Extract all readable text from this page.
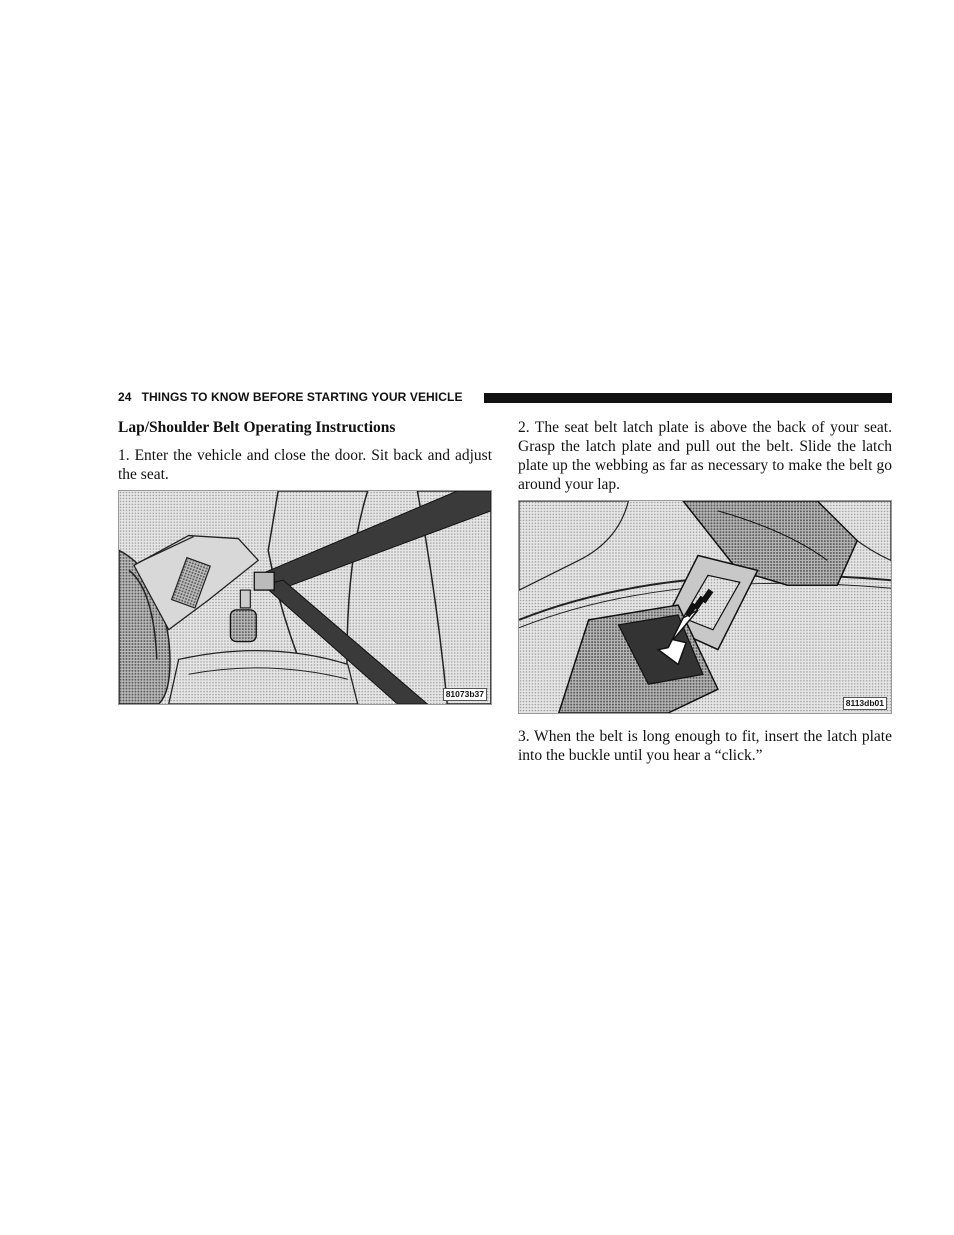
24 THINGS TO KNOW BEFORE STARTING YOUR VEHICLE
Lap/Shoulder Belt Operating Instructions

1. Enter the vehicle and close the door. Sit back and adjust the seat.

81073b37

2. The seat belt latch plate is above the back of your seat. Grasp the latch plate and pull out the belt. Slide the latch plate up the webbing as far as necessary to make the belt go around your lap.

8113db01

3. When the belt is long enough to fit, insert the latch plate into the buckle until you hear a “click.”
